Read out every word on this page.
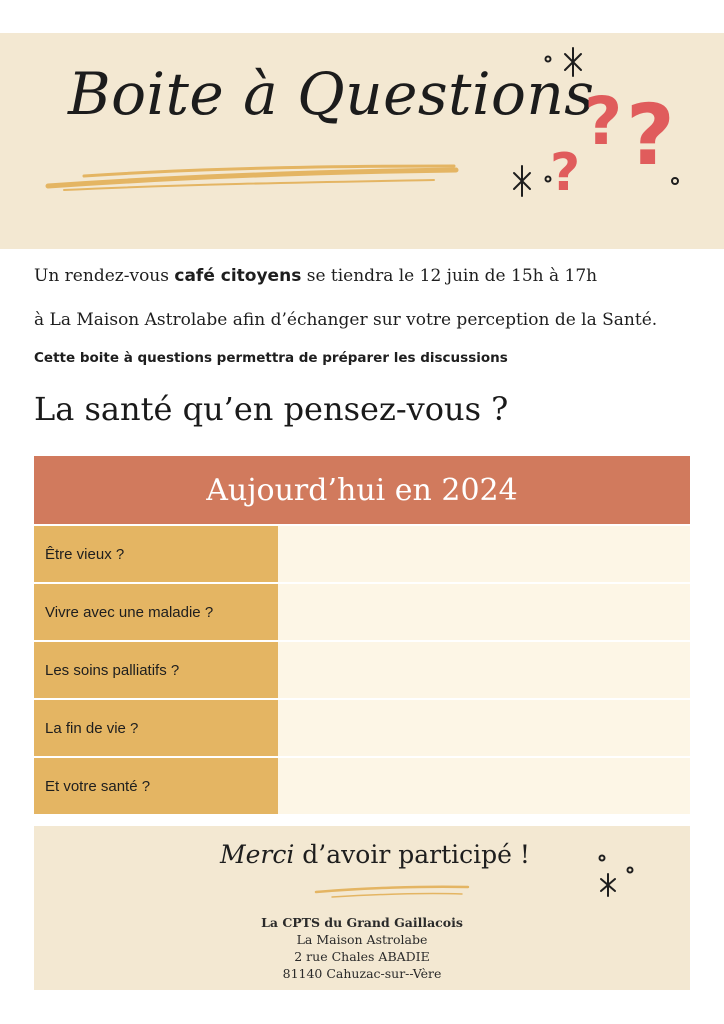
Boite à Questions
? ?
?

Un rendez-vous café citoyens se tiendra le 12 juin de 15h à 17h

à La Maison Astrolabe afin d’échanger sur votre perception de la Santé.

Cette boite à questions permettra de préparer les discussions

La santé qu’en pensez-vous ?
Aujourd’hui en 2024
Être vieux ?
Vivre avec une maladie ?
Les soins palliatifs ?
La fin de vie ?
Et votre santé ?

Merci d’avoir participé !

La CPTS du Grand Gaillacois
La Maison Astrolabe
2 rue Chales ABADIE
81140 Cahuzac-sur--Vère
